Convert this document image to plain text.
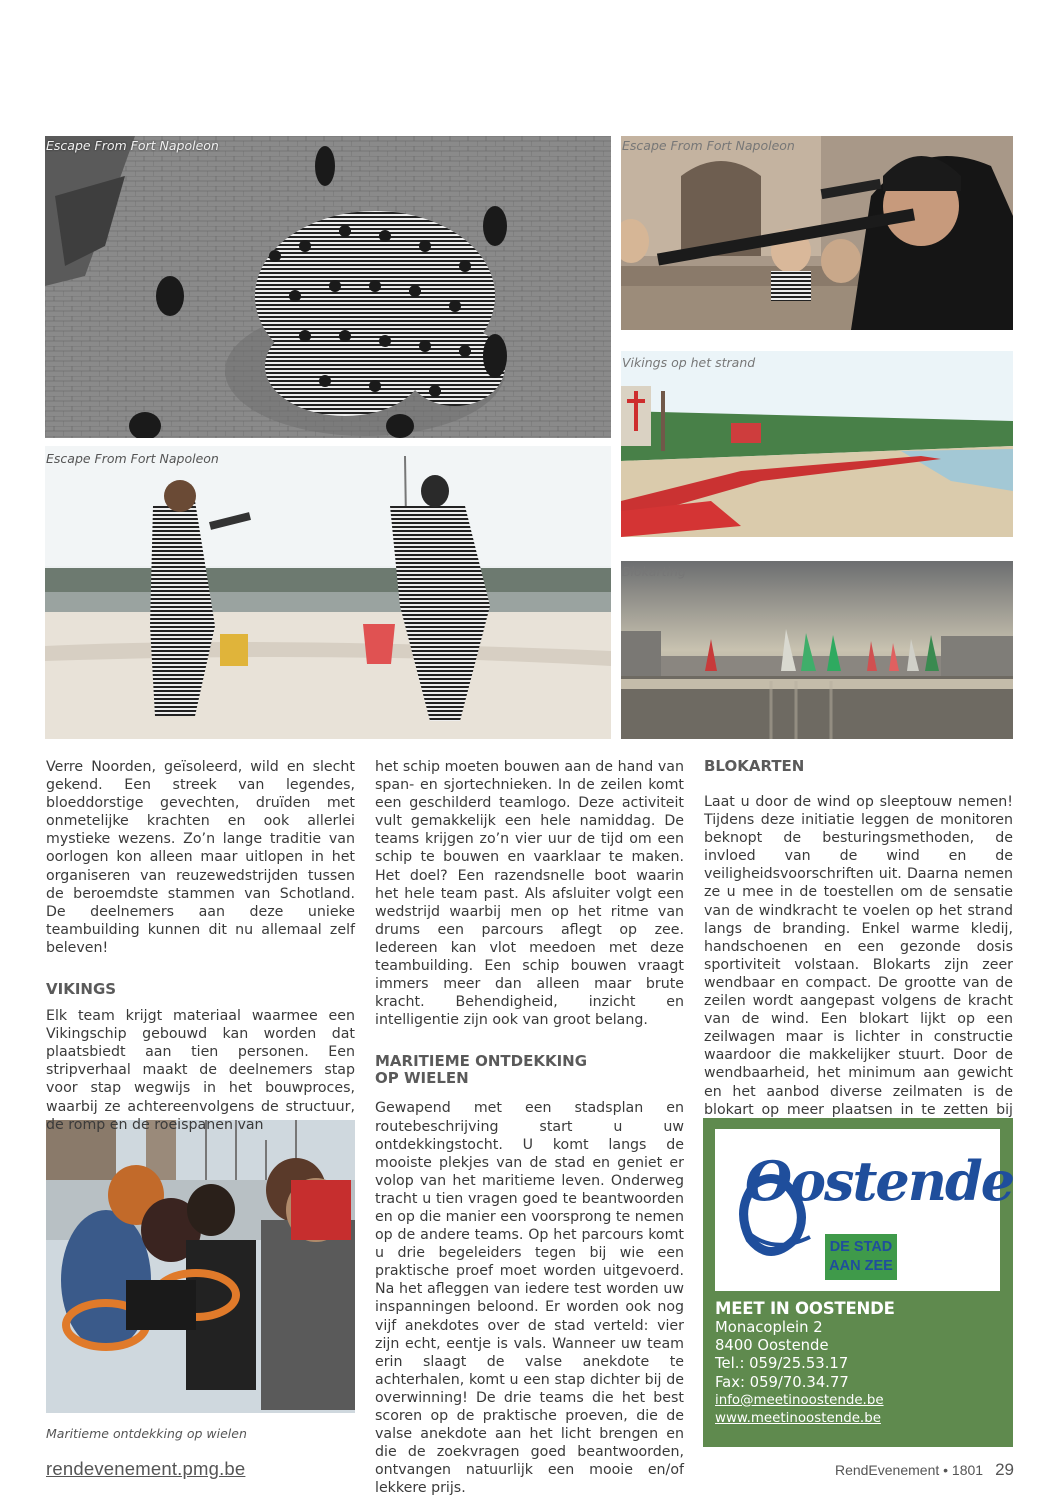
Escape From Fort Napoleon	Escape From Fort Napoleon
Vikings op het strand
Escape From Fort Napoleon
Blokarting
Maritieme ontdekking op wielen

Verre Noorden, geïsoleerd, wild en slecht gekend. Een streek van legendes, bloeddorstige gevechten, druïden met onmetelijke krachten en ook allerlei mystieke wezens. Zo’n lange traditie van oorlogen kon alleen maar uitlopen in het organiseren van reuzewedstrijden tussen de beroemdste stammen van Schotland. De deelnemers aan deze unieke teambuilding kunnen dit nu allemaal zelf beleven!

VIKINGS

Elk team krijgt materiaal waarmee een Vikingschip gebouwd kan worden dat plaatsbiedt aan tien personen. Een stripverhaal maakt de deelnemers stap voor stap wegwijs in het bouwproces, waarbij ze achtereenvolgens de structuur, de romp en de roeispanen van

het schip moeten bouwen aan de hand van span- en sjortechnieken. In de zeilen komt een geschilderd teamlogo. Deze activiteit vult gemakkelijk een hele namiddag. De teams krijgen zo’n vier uur de tijd om een schip te bouwen en vaarklaar te maken. Het doel? Een razendsnelle boot waarin het hele team past. Als afsluiter volgt een wedstrijd waarbij men op het ritme van drums een parcours aflegt op zee. Iedereen kan vlot meedoen met deze teambuilding. Een schip bouwen vraagt immers meer dan alleen maar brute kracht. Behendigheid, inzicht en intelligentie zijn ook van groot belang.

MARITIEME ONTDEKKING
OP WIELEN

Gewapend met een stadsplan en routebeschrijving start u uw ontdekkingstocht. U komt langs de mooiste plekjes van de stad en geniet er volop van het maritieme leven. Onderweg tracht u tien vragen goed te beantwoorden en op die manier een voorsprong te nemen op de andere teams. Op het parcours komt u drie begeleiders tegen bij wie een praktische proef moet worden uitgevoerd. Na het afleggen van iedere test worden uw inspanningen beloond. Er worden ook nog vijf anekdotes over de stad verteld: vier zijn echt, eentje is vals. Wanneer uw team erin slaagt de valse anekdote te achterhalen, komt u een stap dichter bij de overwinning! De drie teams die het best scoren op de praktische proeven, die de valse anekdote aan het licht brengen en die de zoekvragen goed beantwoorden, ontvangen natuurlijk een mooie en/of lekkere prijs.

BLOKARTEN

Laat u door de wind op sleeptouw nemen! Tijdens deze initiatie leggen de monitoren beknopt de besturingsmethoden, de invloed van de wind en de veiligheidsvoorschriften uit. Daarna nemen ze u mee in de toestellen om de sensatie van de windkracht te voelen op het strand langs de branding. Enkel warme kledij, handschoenen en een gezonde dosis sportiviteit volstaan. Blokarts zijn zeer wendbaar en compact. De grootte van de zeilen wordt aangepast volgens de kracht van de wind. Een blokart lijkt op een zeilwagen maar is lichter in constructie waardoor die makkelijker stuurt. Door de wendbaarheid, het minimum aan gewicht en het aanbod diverse zeilmaten is de blokart op meer plaatsen in te zetten bij

Oostende
DE STAD
AAN ZEE

MEET IN OOSTENDE

Monacoplein 2

8400 Oostende

Tel.: 059/25.53.17

Fax: 059/70.34.77

info@meetinoostende.be

www.meetinoostende.be

rendevenement.pmg.be	RendEvenement • 1801 29
